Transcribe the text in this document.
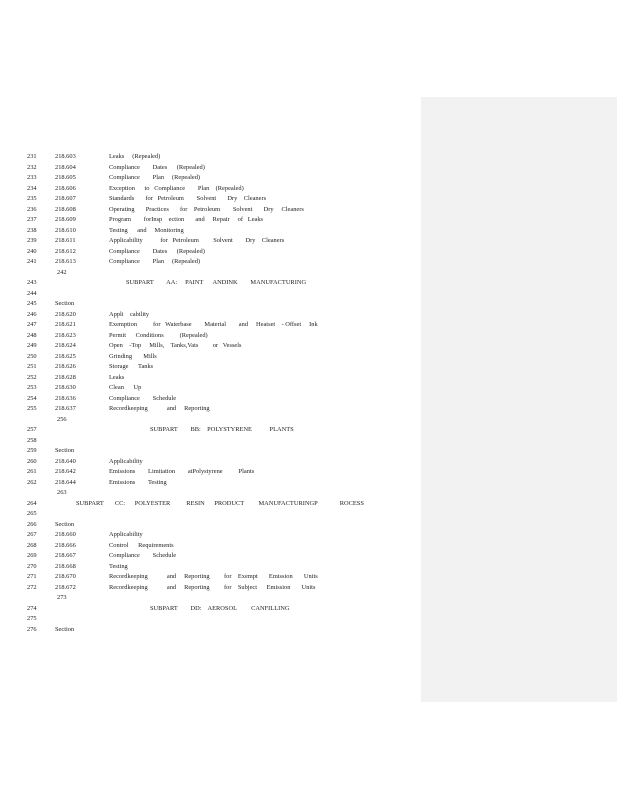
231	218.603	Leaks     (Repealed)
232	218.604	Compliance        Dates      (Repealed)
233	218.605	Compliance        Plan     (Repealed)
234	218.606	Exception      to   Compliance        Plan    (Repealed)
235	218.607	Standards       for   Petroleum        Solvent       Dry    Cleaners
236	218.608	Operating       Practices       for    Petroleum        Solvent       Dry     Cleaners
237	218.609	Program        forInsp    ection       and     Repair     of   Leaks
238	218.610	Testing      and     Monitoring
239	218.611	Applicability           for   Petroleum         Solvent        Dry    Cleaners
240	218.612	Compliance        Dates      (Repealed)
241	218.613	Compliance        Plan     (Repealed)
242
243	SUBPART        AA:     PAINT      ANDINK        MANUFACTURING
244
245	Section
246	218.620	Appli    cability
247	218.621	Exemption          for   Waterbase        Material        and     Heatset    - Offset     Ink
248	218.623	Permit      Conditions          (Repealed)
249	218.624	Open    -Top     Mills,    Tanks,Vats         or   Vessels
250	218.625	Grinding       Mills
251	218.626	Storage      Tanks
252	218.628	Leaks
253	218.630	Clean      Up
254	218.636	Compliance        Schedule
255	218.637	Recordkeeping            and     Reporting
256
257	SUBPART        BB:    POLYSTYRENE           PLANTS
258
259	Section
260	218.640	Applicability
261	218.642	Emissions        Limitation        atPolystyrene          Plants
262	218.644	Emissions        Testing
263
264	SUBPART       CC:      POLYESTER          RESIN      PRODUCT         MANUFACTURINGP              ROCESS
265
266	Section
267	218.660	Applicability
268	218.666	Control      Requirements
269	218.667	Compliance        Schedule
270	218.668	Testing
271	218.670	Recordkeeping            and     Reporting         for    Exempt       Emission       Units
272	218.672	Recordkeeping            and     Reporting         for    Subject      Emission       Units
273
274	SUBPART        DD:    AEROSOL         CANFILLING
275
276	Section
